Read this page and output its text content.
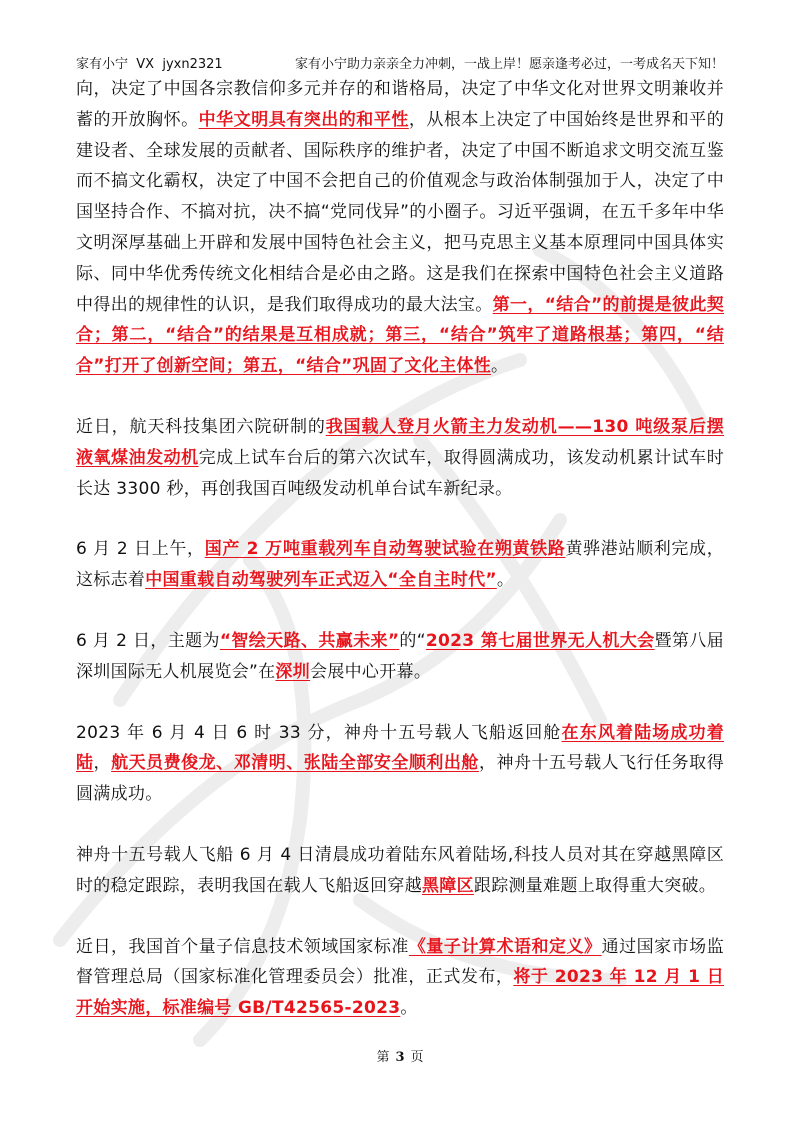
家有小宁  VX  jyxn2321	家有小宁助力亲亲全力冲刺，一战上岸！愿亲逢考必过，一考成名天下知！

向，决定了中国各宗教信仰多元并存的和谐格局，决定了中华文化对世界文明兼收并蓄的开放胸怀。中华文明具有突出的和平性，从根本上决定了中国始终是世界和平的建设者、全球发展的贡献者、国际秩序的维护者，决定了中国不断追求文明交流互鉴而不搞文化霸权，决定了中国不会把自己的价值观念与政治体制强加于人，决定了中国坚持合作、不搞对抗，决不搞“党同伐异”的小圈子。习近平强调，在五千多年中华文明深厚基础上开辟和发展中国特色社会主义，把马克思主义基本原理同中国具体实际、同中华优秀传统文化相结合是必由之路。这是我们在探索中国特色社会主义道路中得出的规律性的认识，是我们取得成功的最大法宝。第一，“结合”的前提是彼此契合；第二，“结合”的结果是互相成就；第三，“结合”筑牢了道路根基；第四，“结合”打开了创新空间；第五，“结合”巩固了文化主体性。

近日，航天科技集团六院研制的我国载人登月火箭主力发动机——130 吨级泵后摆液氧煤油发动机完成上试车台后的第六次试车，取得圆满成功，该发动机累计试车时长达 3300 秒，再创我国百吨级发动机单台试车新纪录。

6 月 2 日上午，国产 2 万吨重载列车自动驾驶试验在朔黄铁路黄骅港站顺利完成，这标志着中国重载自动驾驶列车正式迈入“全自主时代”。

6 月 2 日，主题为“智绘天路、共赢未来”的“2023 第七届世界无人机大会暨第八届深圳国际无人机展览会”在深圳会展中心开幕。

2023 年 6 月 4 日 6 时 33 分，神舟十五号载人飞船返回舱在东风着陆场成功着陆，航天员费俊龙、邓清明、张陆全部安全顺利出舱，神舟十五号载人飞行任务取得圆满成功。

神舟十五号载人飞船 6 月 4 日清晨成功着陆东风着陆场,科技人员对其在穿越黑障区时的稳定跟踪，表明我国在载人飞船返回穿越黑障区跟踪测量难题上取得重大突破。

近日，我国首个量子信息技术领域国家标准《量子计算术语和定义》通过国家市场监督管理总局（国家标准化管理委员会）批准，正式发布，将于 2023 年 12 月 1 日开始实施，标准编号 GB/T42565-2023。

第 3 页
